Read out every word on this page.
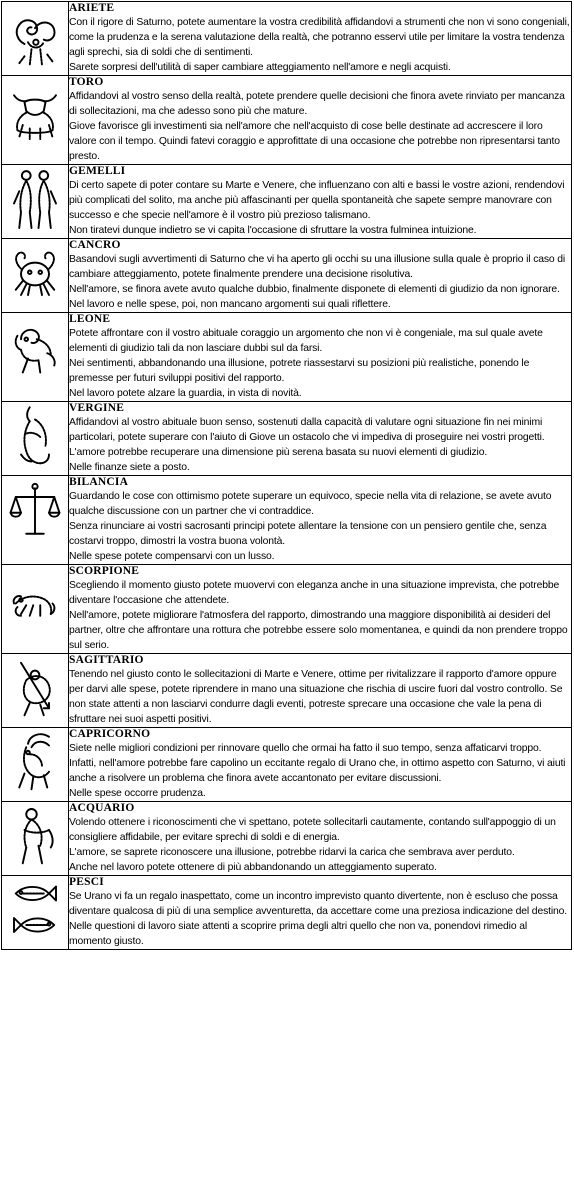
ARIETE

Con il rigore di Saturno, potete aumentare la vostra credibilità affidandovi a strumenti che non vi sono congeniali, come la prudenza e la serena valutazione della realtà, che potranno esservi utile per limitare la vostra tendenza agli sprechi, sia di soldi che di sentimenti.

Sarete sorpresi dell'utilità di saper cambiare atteggiamento nell'amore e negli acquisti.

TORO

Affidandovi al vostro senso della realtà, potete prendere quelle decisioni che finora avete rinviato per mancanza di sollecitazioni, ma che adesso sono più che mature.

Giove favorisce gli investimenti sia nell'amore che nell'acquisto di cose belle destinate ad accrescere il loro valore con il tempo. Quindi fatevi coraggio e approfittate di una occasione che potrebbe non ripresentarsi tanto presto.

GEMELLI

Di certo sapete di poter contare su Marte e Venere, che influenzano con alti e bassi le vostre azioni, rendendovi più complicati del solito, ma anche più affascinanti per quella spontaneità che sapete sempre manovrare con successo e che specie nell'amore è il vostro più prezioso talismano.

Non tiratevi dunque indietro se vi capita l'occasione di sfruttare la vostra fulminea intuizione.

CANCRO

Basandovi sugli avvertimenti di Saturno che vi ha aperto gli occhi su una illusione sulla quale è proprio il caso di cambiare atteggiamento, potete finalmente prendere una decisione risolutiva.

Nell'amore, se finora avete avuto qualche dubbio, finalmente disponete di elementi di giudizio da non ignorare. Nel lavoro e nelle spese, poi, non mancano argomenti sui quali riflettere.

LEONE

Potete affrontare con il vostro abituale coraggio un argomento che non vi è congeniale, ma sul quale avete elementi di giudizio tali da non lasciare dubbi sul da farsi.

Nei sentimenti, abbandonando una illusione, potrete riassestarvi su posizioni più realistiche, ponendo le premesse per futuri sviluppi positivi del rapporto.

Nel lavoro potete alzare la guardia, in vista di novità.

VERGINE

Affidandovi al vostro abituale buon senso, sostenuti dalla capacità di valutare ogni situazione fin nei minimi particolari, potete superare con l'aiuto di Giove un ostacolo che vi impediva di proseguire nei vostri progetti. L'amore potrebbe recuperare una dimensione più serena basata su nuovi elementi di giudizio.

Nelle finanze siete a posto.

BILANCIA

Guardando le cose con ottimismo potete superare un equivoco, specie nella vita di relazione, se avete avuto qualche discussione con un partner che vi contraddice.

Senza rinunciare ai vostri sacrosanti principi potete allentare la tensione con un pensiero gentile che, senza costarvi troppo, dimostri la vostra buona volontà.

Nelle spese potete compensarvi con un lusso.

SCORPIONE

Scegliendo il momento giusto potete muovervi con eleganza anche in una situazione imprevista, che potrebbe diventare l'occasione che attendete.

Nell'amore, potete migliorare l'atmosfera del rapporto, dimostrando una maggiore disponibilità ai desideri del partner, oltre che affrontare una rottura che potrebbe essere solo momentanea, e quindi da non prendere troppo sul serio.

SAGITTARIO

Tenendo nel giusto conto le sollecitazioni di Marte e Venere, ottime per rivitalizzare il rapporto d'amore oppure per darvi alle spese, potete riprendere in mano una situazione che rischia di uscire fuori dal vostro controllo. Se non state attenti a non lasciarvi condurre dagli eventi, potreste sprecare una occasione che vale la pena di sfruttare nei suoi aspetti positivi.

CAPRICORNO

Siete nelle migliori condizioni per rinnovare quello che ormai ha fatto il suo tempo, senza affaticarvi troppo. Infatti, nell'amore potrebbe fare capolino un eccitante regalo di Urano che, in ottimo aspetto con Saturno, vi aiuti anche a risolvere un problema che finora avete accantonato per evitare discussioni.

Nelle spese occorre prudenza.

ACQUARIO

Volendo ottenere i riconoscimenti che vi spettano, potete sollecitarli cautamente, contando sull'appoggio di un consigliere affidabile, per evitare sprechi di soldi e di energia.

L'amore, se saprete riconoscere una illusione, potrebbe ridarvi la carica che sembrava aver perduto.

Anche nel lavoro potete ottenere di più abbandonando un atteggiamento superato.

PESCI

Se Urano vi fa un regalo inaspettato, come un incontro imprevisto quanto divertente, non è escluso che possa diventare qualcosa di più di una semplice avventuretta, da accettare come una preziosa indicazione del destino. Nelle questioni di lavoro siate attenti a scoprire prima degli altri quello che non va, ponendovi rimedio al momento giusto.
